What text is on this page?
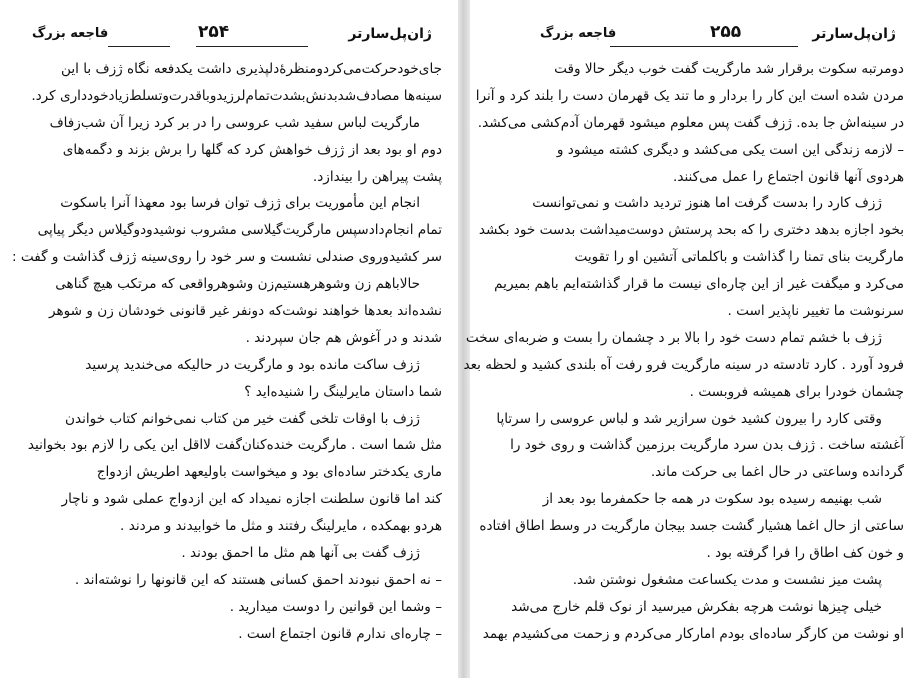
ژان‌پل‌سارتر
۲۵۴
فاجعه بزرگ
جای‌خود‌حرکت‌می‌کرد‌و‌منظرهٔ‌دلپذیری داشت یکدفعه نگاه ژزف با این
سینه‌ها مصادف‌شد‌بدنش‌بشدت‌تمام‌لرزید‌و‌با‌قدرت‌و‌تسلط‌زیاد‌خودداری کرد.
مارگریت لباس سفید شب عروسی را در بر کرد زیرا آن شب‌زفاف
دوم او بود بعد از ژزف خواهش کرد که گلها را برش بزند و دگمه‌های
پشت پیراهن را بیندازد.
انجام این مأموریت برای ژزف توان فرسا بود معهذا آنرا باسکوت
تمام انجام‌داد‌سپس مارگریت‌گیلاسی مشروب نوشید‌و‌دو‌گیلاس دیگر پیاپی
سر کشید‌و‌روی صندلی نشست و سر خود را روی‌سینه ژزف گذاشت و گفت :
حالا‌با‌هم زن و‌شوهر‌هستیم‌زن و‌شوهر‌واقعی که مرتکب هیچ گناهی
نشده‌اند بعدها خواهند نوشت‌که دو‌نفر غیر قانونی خودشان زن و شوهر
شدند و در آغوش هم جان سپردند .
ژزف ساکت مانده بود و مارگریت در حالیکه می‌خندید پرسید
شما داستان مایرلینگ را شنیده‌اید ؟
ژزف با اوقات تلخی گفت خیر من کتاب نمی‌خوانم کتاب خواندن
مثل شما است . مارگریت خنده‌کنان‌گفت لااقل این یکی را لازم بود بخوانید
ماری یکدختر ساده‌ای بود و میخواست باولیعهد اطریش ازدواج
کند اما قانون سلطنت اجازه نمیداد که این ازدواج عملی شود و ناچار
هردو بهمکده ، مایرلینگ رفتند و مثل ما خوابیدند و مردند .
ژزف گفت بی آنها هم مثل ما احمق بودند .
– نه احمق نبودند احمق کسانی هستند که این قانونها را نوشته‌اند .
– وشما این قوانین را دوست میدارید .
– چاره‌ای ندارم قانون اجتماع است .
ژان‌پل‌سارتر
۲۵۵
فاجعه بزرگ
دومرتبه سکوت برقرار شد مارگریت گفت خوب دیگر حالا وقت
مردن شده است این کار را برد‌ار و ما تند یک قهرمان دست را بلند کرد و آنرا
در سینه‌اش جا بده. ژزف گفت پس معلوم میشود قهرمان آدم‌کشی می‌کشد.
– لازمه زندگی این است یکی می‌کشد و دیگری کشته میشود و
هردوی آنها قانون اجتماع را عمل می‌کنند.
ژزف کارد را بدست گرفت اما هنوز تردید داشت و نمی‌توانست
بخود اجازه بدهد دختری را که بحد پرستش دوست‌میداشت بدست خود بکشد
مارگریت بنای تمنا را گذاشت و باکلماتی آتشین او را تقویت
می‌کرد و میگفت غیر از این چاره‌ای نیست ما قرار گذاشته‌ایم باهم بمیریم
سرنوشت ما تغییر ناپذیر است .
ژزف با خشم تمام دست خود را بالا بر د چشمان را بست و ضربه‌ای سخت
فرود آورد . کارد تادسته در سینه مارگریت فرو رفت آه بلندی کشید و لحظه بعد
چشمان خودرا برای همیشه فروبست .
وقتی کارد را بیرون کشید خون سرازیر شد و لباس عروسی را سرتاپا
آغشته ساخت . ژزف بدن سرد مارگریت برزمین گذاشت و روی خود را
گردانده وساعتی در حال اغما بی حرکت ماند.
شب بهنیمه رسیده بود سکوت در همه جا حکمفرما بود بعد از
ساعتی از حال اغما هشیار گشت جسد بیجان مارگریت در وسط اطاق افتاده
و خون کف اطاق را فرا گرفته بود .
پشت میز نشست و مدت یکساعت مشغول نوشتن شد.
خیلی چیزها نوشت هرچه بفکرش میرسید از نوک قلم خارج می‌شد
او نوشت من کارگر ساده‌ای بودم امارکار می‌کردم و زحمت می‌کشیدم بهمد
